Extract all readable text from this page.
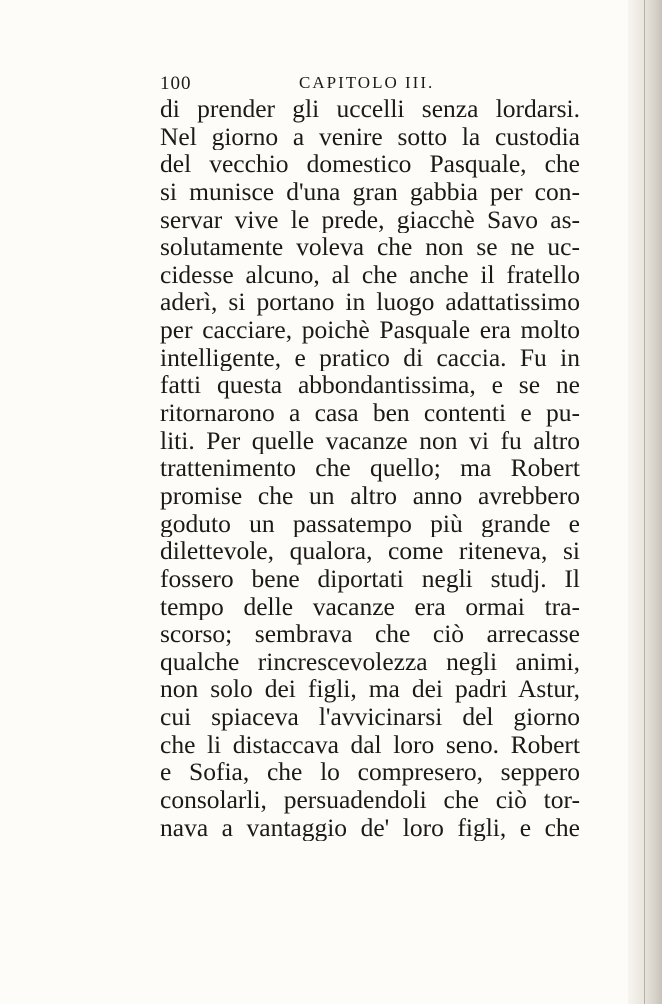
100	CAPITOLO III.
di prender gli uccelli senza lordarsi.
Nel giorno a venire sotto la custodia
del vecchio domestico Pasquale, che
si munisce d'una gran gabbia per con-
servar vive le prede, giacchè Savo as-
solutamente voleva che non se ne uc-
cidesse alcuno, al che anche il fratello
aderì, si portano in luogo adattatissimo
per cacciare, poichè Pasquale era molto
intelligente, e pratico di caccia. Fu in
fatti questa abbondantissima, e se ne
ritornarono a casa ben contenti e pu-
liti. Per quelle vacanze non vi fu altro
trattenimento che quello; ma Robert
promise che un altro anno avrebbero
goduto un passatempo più grande e
dilettevole, qualora, come riteneva, si
fossero bene diportati negli studj. Il
tempo delle vacanze era ormai tra-
scorso; sembrava che ciò arrecasse
qualche rincrescevolezza negli animi,
non solo dei figli, ma dei padri Astur,
cui spiaceva l'avvicinarsi del giorno
che li distaccava dal loro seno. Robert
e Sofia, che lo compresero, seppero
consolarli, persuadendoli che ciò tor-
nava a vantaggio de' loro figli, e che
